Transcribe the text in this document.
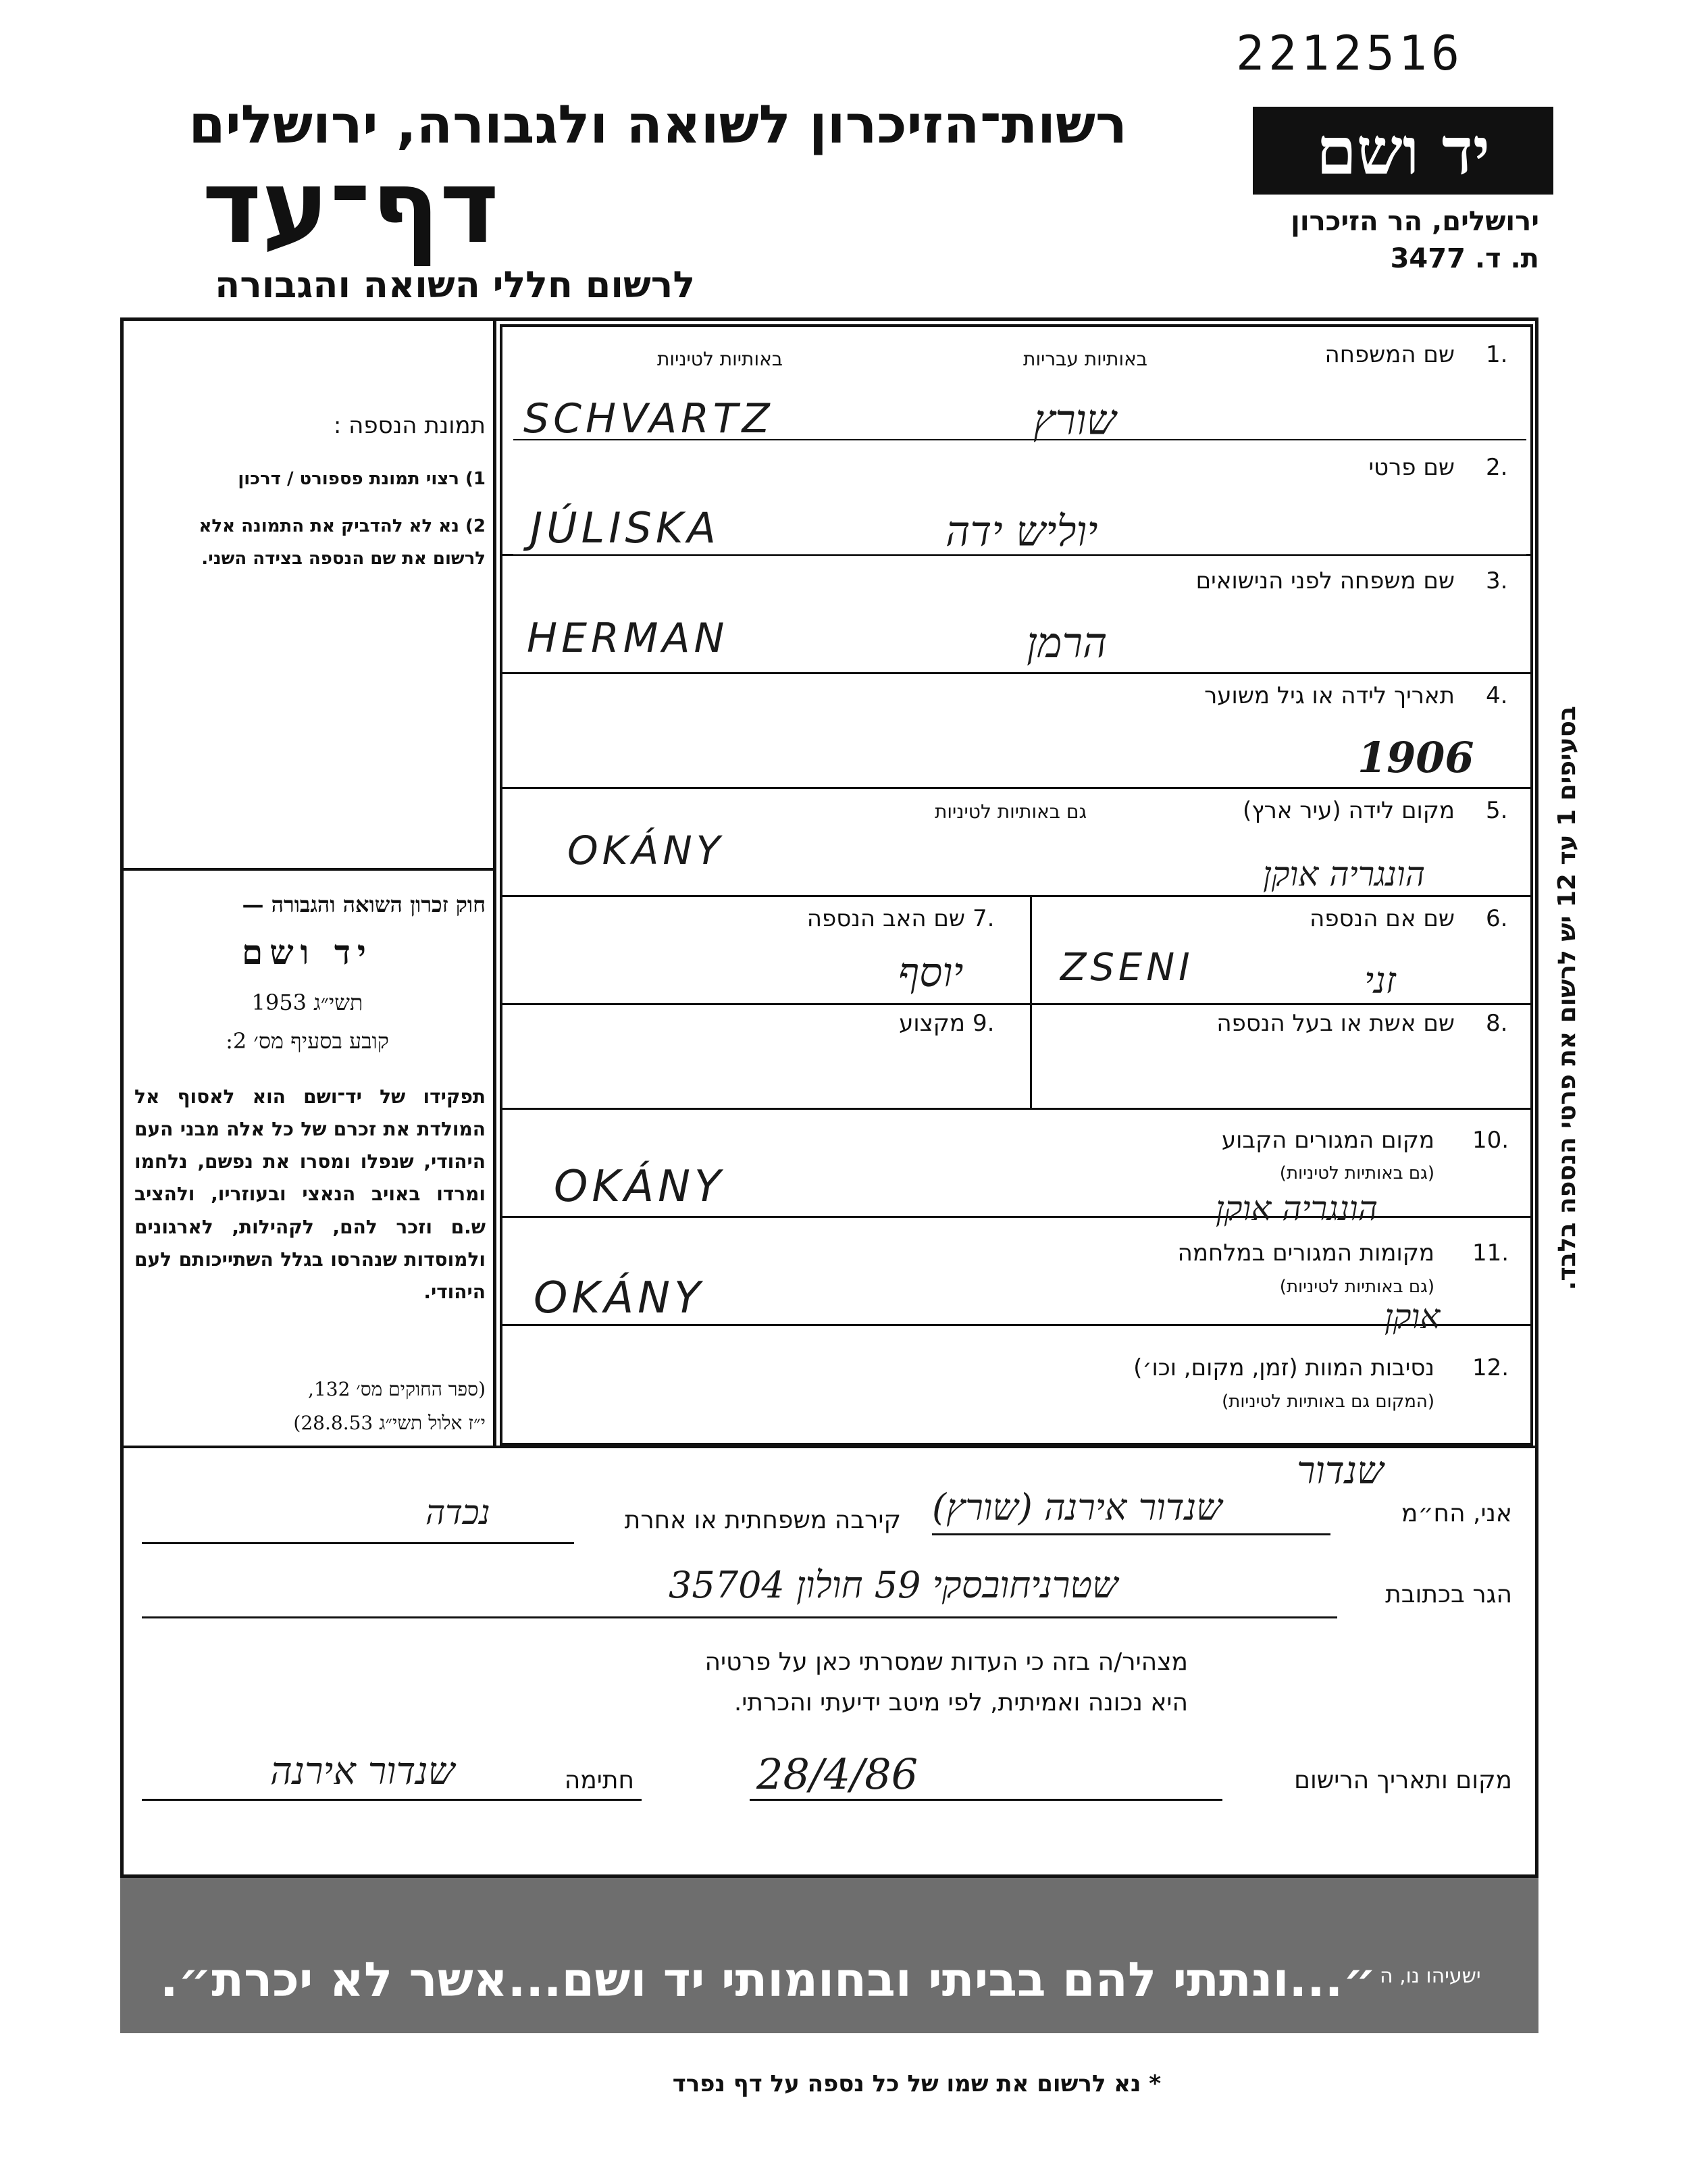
2212516
רשות־הזיכרון לשואה ולגבורה, ירושלים
דף־עד
לרשום חללי השואה והגבורה
יד ושם
ירושלים, הר הזיכרון
ת. ד. 3477
תמונת הנספה :
1) רצוי תמונת פספורט / דרכון
2) נא לא להדביק את התמונה אלא לרשום את שם הנספה בצידה השני.
חוק זכרון השואה והגבורה —
יד ושם
תשי״ג 1953
קובע בסעיף מס׳ 2:
תפקידו של יד־ושם הוא לאסוף אל המולדת את זכרם של כל אלה מבני העם היהודי, שנפלו ומסרו את נפשם, נלחמו ומרדו באויב הנאצי ובעוזריו, ולהציב ש.ם וזכר להם, לקהילות, לארגונים ולמוסדות שנהרסו בגלל השתייכותם לעם היהודי.
(ספר החוקים מס׳ 132,
י״ז אלול תשי״ג 28.8.53)
1.
שם המשפחה
באותיות עבריות
באותיות לטיניות
SCHVARTZ	שורץ
2.
שם פרטי
JÚLISKA	יוליש ידה
3.
שם משפחה לפני הנישואים
HERMAN	הרמן
4.
תאריך לידה או גיל משוער
1906
5.
מקום לידה (עיר ארץ)
גם באותיות לטיניות
OKÁNY
הונגריה אוקן
6.
שם אם הנספה
ZSENI	זני
7.
שם האב הנספה
יוסף
8.
שם אשת או בעל הנספה
9.
מקצוע
10.
מקום המגורים הקבוע
(גם באותיות לטיניות)
OKÁNY	הונגריה אוקן
11.
מקומות המגורים במלחמה
(גם באותיות לטיניות)
OKÁNY	אוקן
12.
נסיבות המוות (זמן, מקום, וכו׳)
(המקום גם באותיות לטיניות)
בסעיפים 1 עד 12 יש לרשום את פרטי הנספה בלבד.
שנדור
אני, הח״מ
שנדור אירנה (שורץ)
קירבה משפחתית או אחרת
נכדה
הגר בכתובת
שטרניחובסקי 59 חולון 35704
מצהיר/ה בזה כי העדות שמסרתי כאן על פרטיה
היא נכונה ואמיתית, לפי מיטב ידיעתי והכרתי.
מקום ותאריך הרישום
28/4/86
חתימה
שנדור אירנה
״...ונתתי להם בביתי ובחומותי יד ושם...אשר לא יכרת״. ישעיהו נו, ה
* נא לרשום את שמו של כל נספה על דף נפרד
